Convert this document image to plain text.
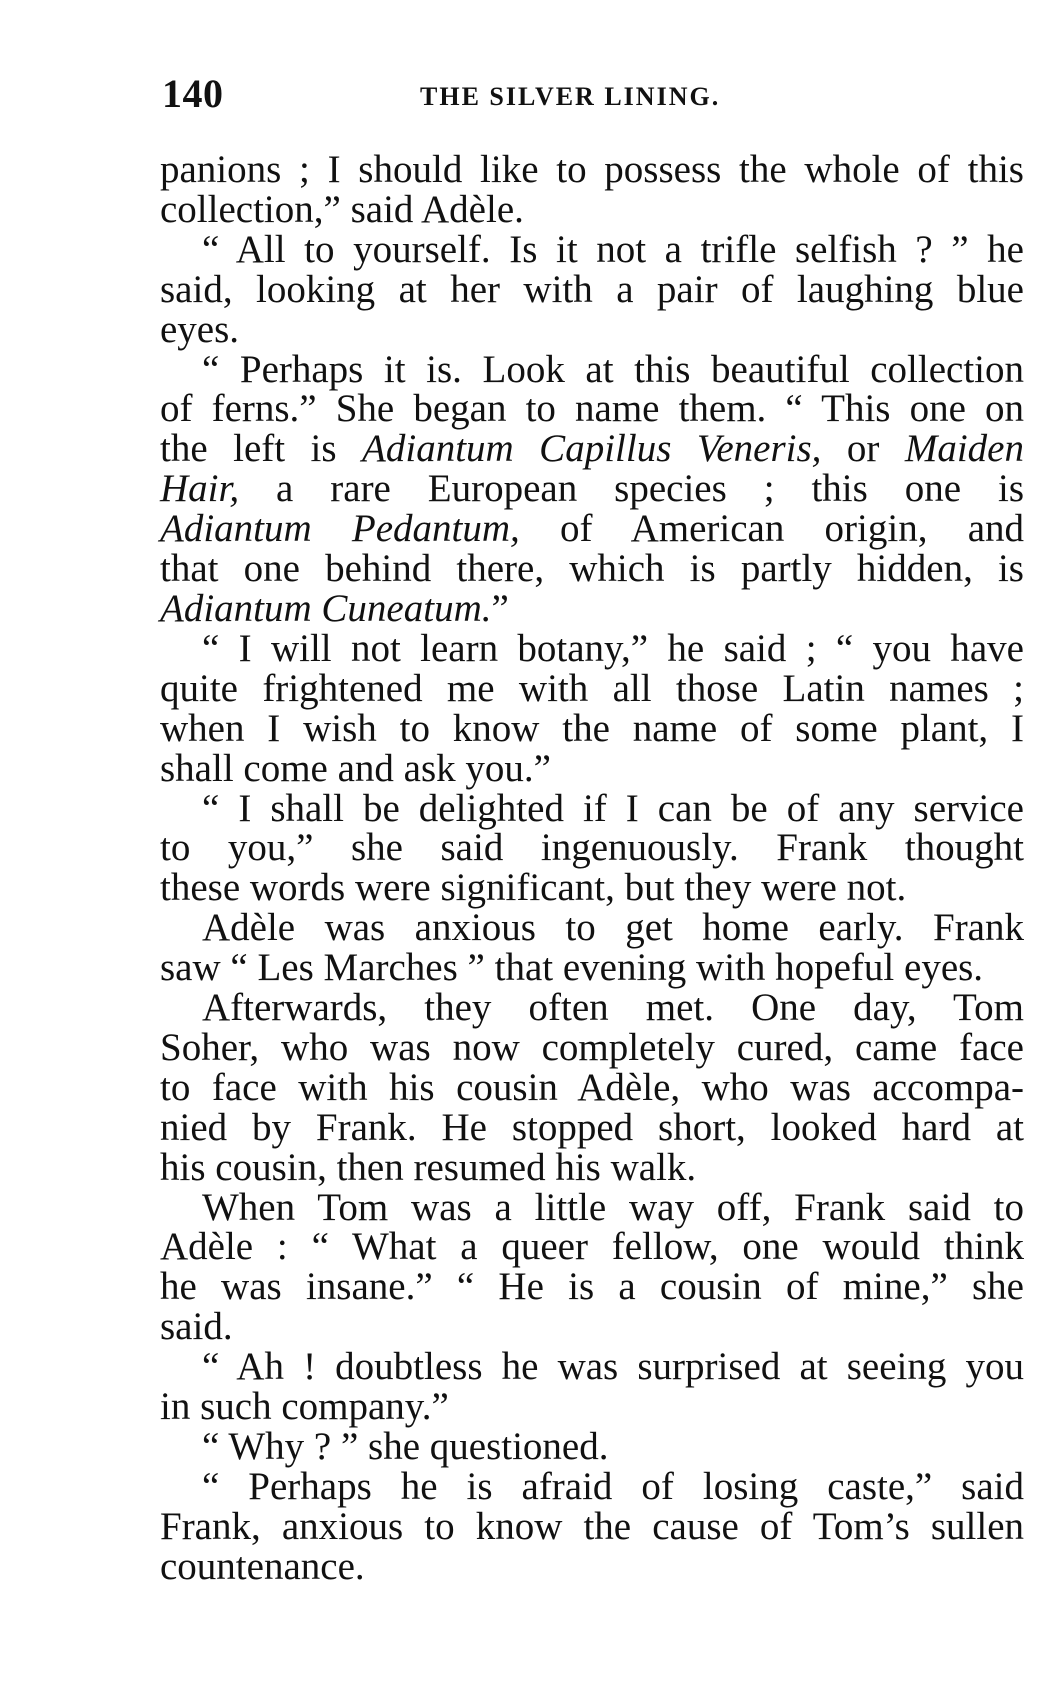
140	THE SILVER LINING.
panions ; I should like to possess the whole of this
collection,” said Adèle.
“ All to yourself. Is it not a trifle selfish ? ” he
said, looking at her with a pair of laughing blue
eyes.
“ Perhaps it is. Look at this beautiful collection
of ferns.” She began to name them. “ This one on
the left is Adiantum Capillus Veneris, or Maiden
Hair, a rare European species ; this one is
Adiantum Pedantum, of American origin, and
that one behind there, which is partly hidden, is
Adiantum Cuneatum.”
“ I will not learn botany,” he said ; “ you have
quite frightened me with all those Latin names ;
when I wish to know the name of some plant, I
shall come and ask you.”
“ I shall be delighted if I can be of any service
to you,” she said ingenuously. Frank thought
these words were significant, but they were not.
Adèle was anxious to get home early. Frank
saw “ Les Marches ” that evening with hopeful eyes.
Afterwards, they often met. One day, Tom
Soher, who was now completely cured, came face
to face with his cousin Adèle, who was accompa-
nied by Frank. He stopped short, looked hard at
his cousin, then resumed his walk.
When Tom was a little way off, Frank said to
Adèle : “ What a queer fellow, one would think
he was insane.” “ He is a cousin of mine,” she
said.
“ Ah ! doubtless he was surprised at seeing you
in such company.”
“ Why ? ” she questioned.
“ Perhaps he is afraid of losing caste,” said
Frank, anxious to know the cause of Tom’s sullen
countenance.
